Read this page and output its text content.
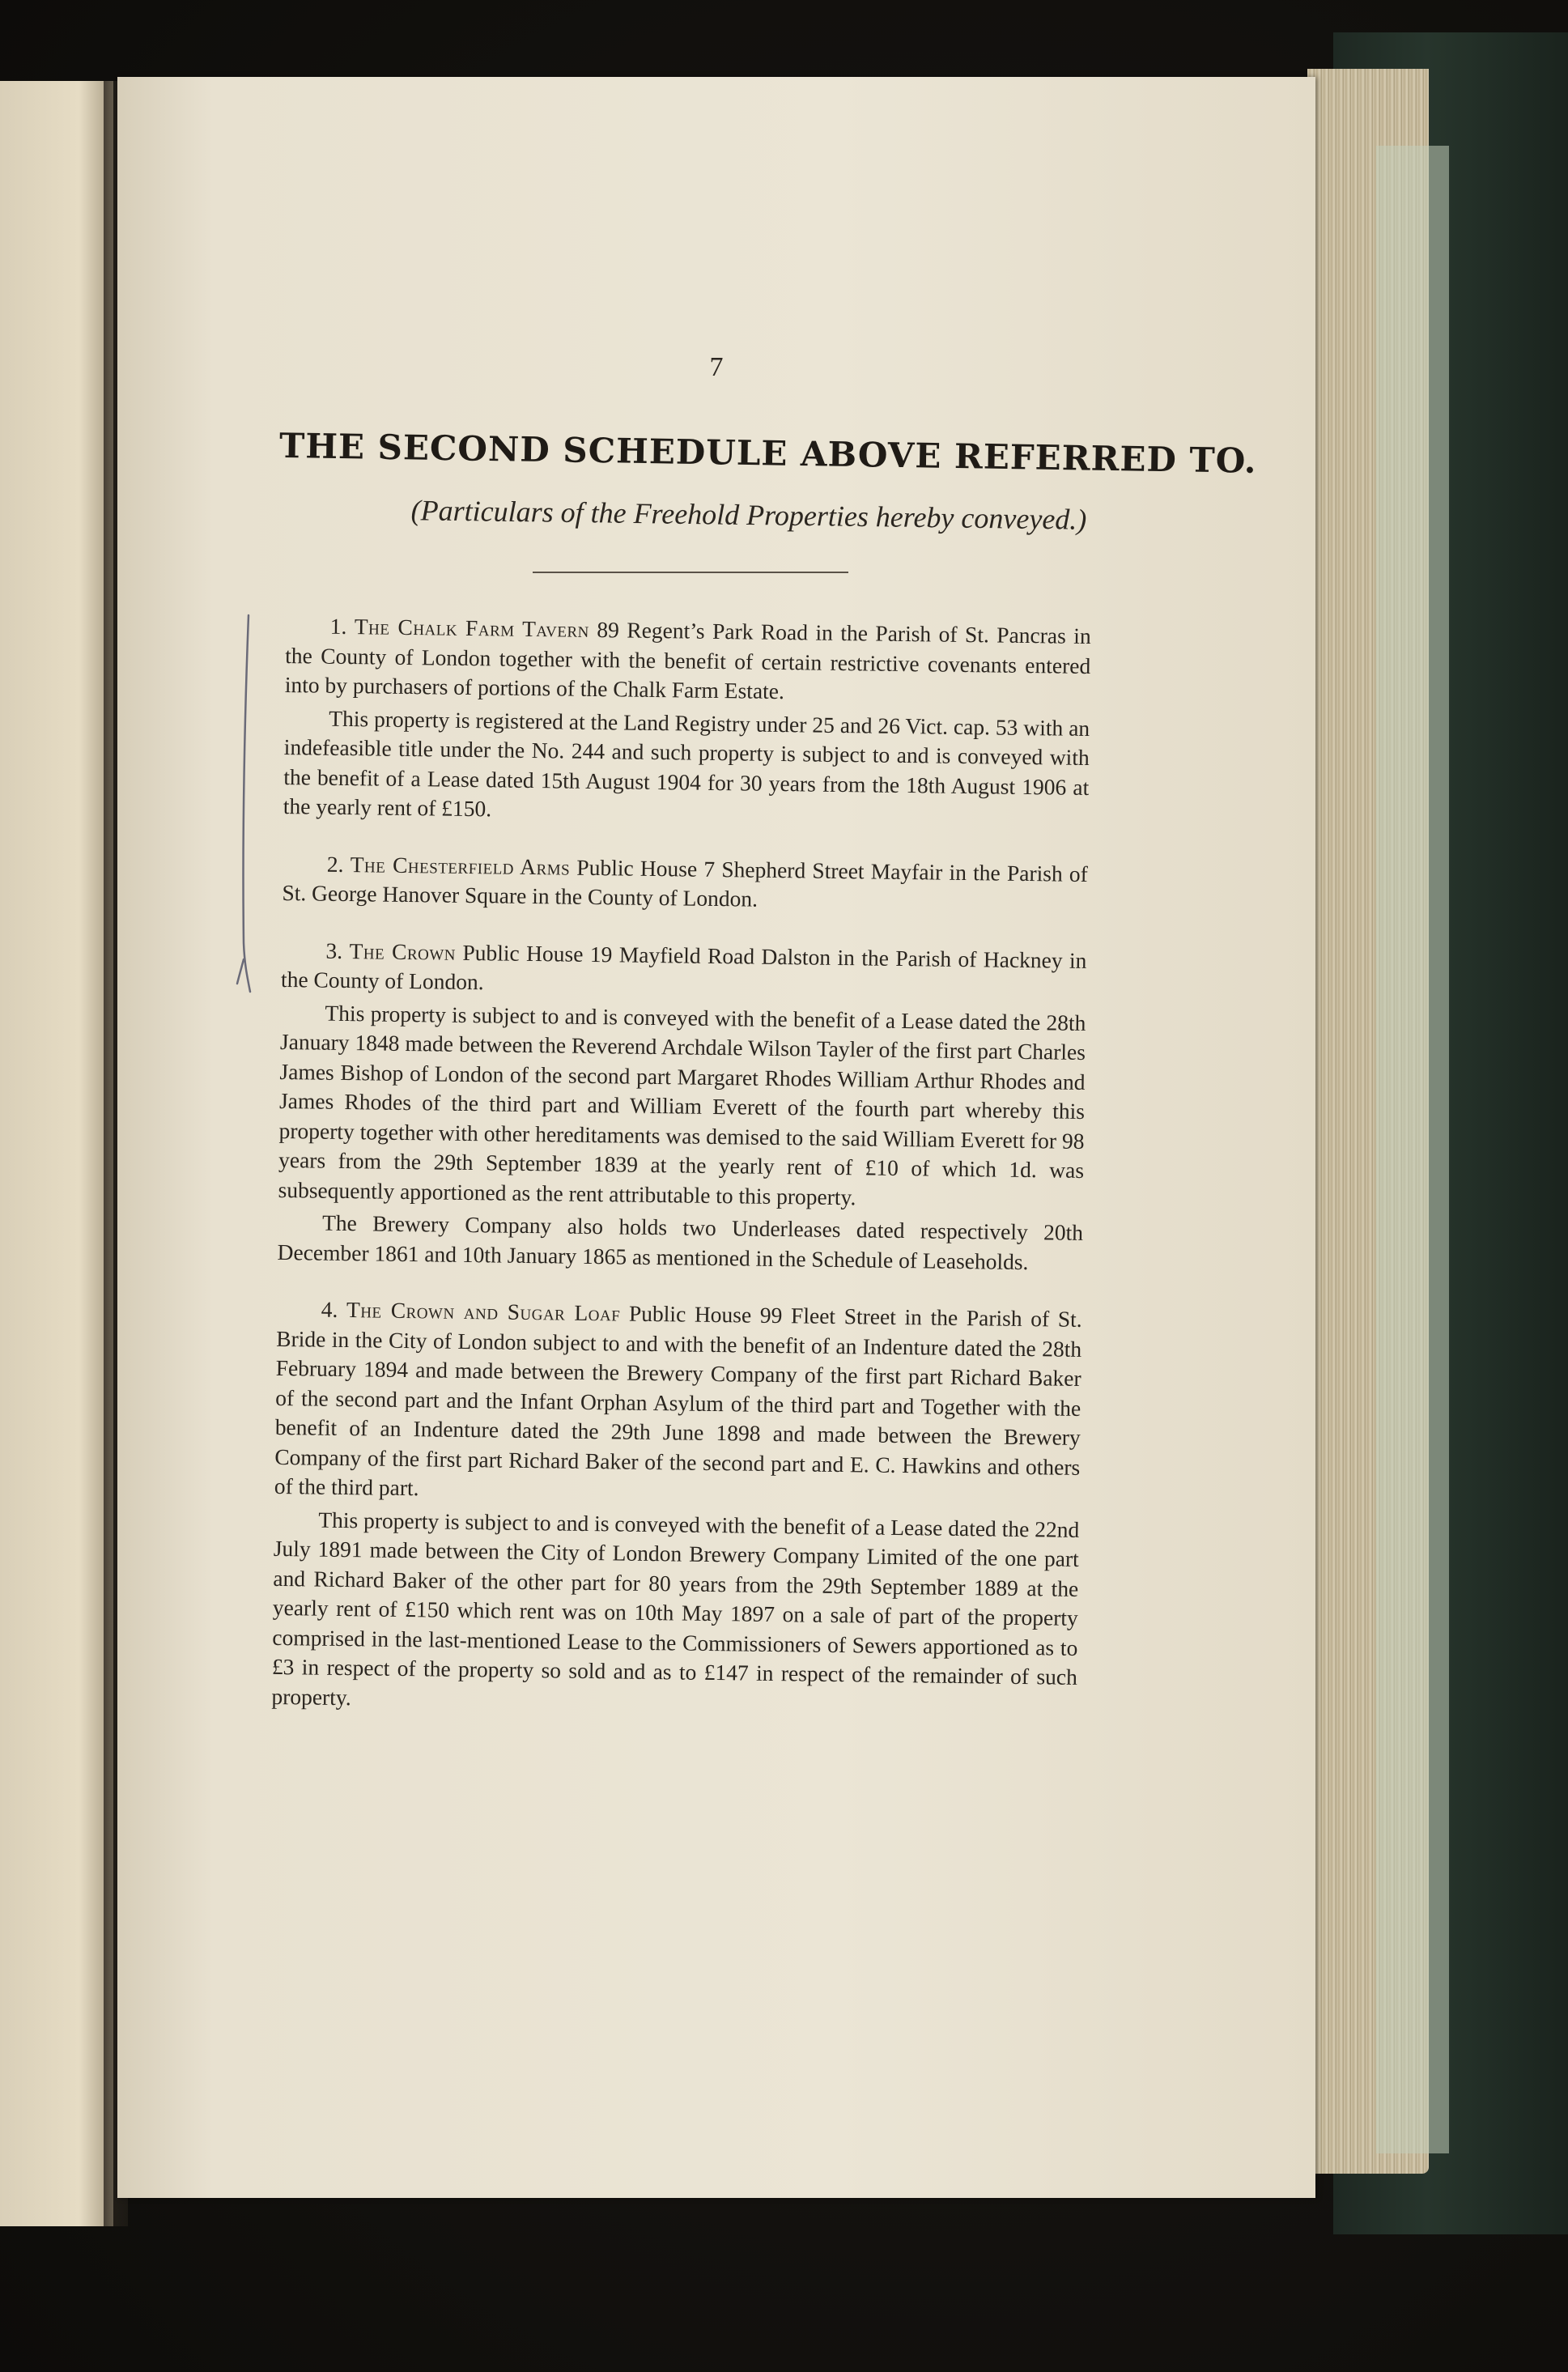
7
THE SECOND SCHEDULE ABOVE REFERRED TO.
(Particulars of the Freehold Properties hereby conveyed.)

1. The Chalk Farm Tavern 89 Regent’s Park Road in the Parish of St. Pancras in the County of London together with the benefit of certain restrictive covenants entered into by purchasers of portions of the Chalk Farm Estate.

This property is registered at the Land Registry under 25 and 26 Vict. cap. 53 with an indefeasible title under the No. 244 and such property is subject to and is conveyed with the benefit of a Lease dated 15th August 1904 for 30 years from the 18th August 1906 at the yearly rent of £150.

2. The Chesterfield Arms Public House 7 Shepherd Street Mayfair in the Parish of St. George Hanover Square in the County of London.

3. The Crown Public House 19 Mayfield Road Dalston in the Parish of Hackney in the County of London.

This property is subject to and is conveyed with the benefit of a Lease dated the 28th January 1848 made between the Reverend Archdale Wilson Tayler of the first part Charles James Bishop of London of the second part Margaret Rhodes William Arthur Rhodes and James Rhodes of the third part and William Everett of the fourth part whereby this property together with other hereditaments was demised to the said William Everett for 98 years from the 29th September 1839 at the yearly rent of £10 of which 1d. was subsequently apportioned as the rent attributable to this property.

The Brewery Company also holds two Underleases dated respectively 20th December 1861 and 10th January 1865 as mentioned in the Schedule of Leaseholds.

4. The Crown and Sugar Loaf Public House 99 Fleet Street in the Parish of St. Bride in the City of London subject to and with the benefit of an Indenture dated the 28th February 1894 and made between the Brewery Company of the first part Richard Baker of the second part and the Infant Orphan Asylum of the third part and Together with the benefit of an Indenture dated the 29th June 1898 and made between the Brewery Company of the first part Richard Baker of the second part and E. C. Hawkins and others of the third part.

This property is subject to and is conveyed with the benefit of a Lease dated the 22nd July 1891 made between the City of London Brewery Company Limited of the one part and Richard Baker of the other part for 80 years from the 29th September 1889 at the yearly rent of £150 which rent was on 10th May 1897 on a sale of part of the property comprised in the last-mentioned Lease to the Commissioners of Sewers apportioned as to £3 in respect of the property so sold and as to £147 in respect of the remainder of such property.
